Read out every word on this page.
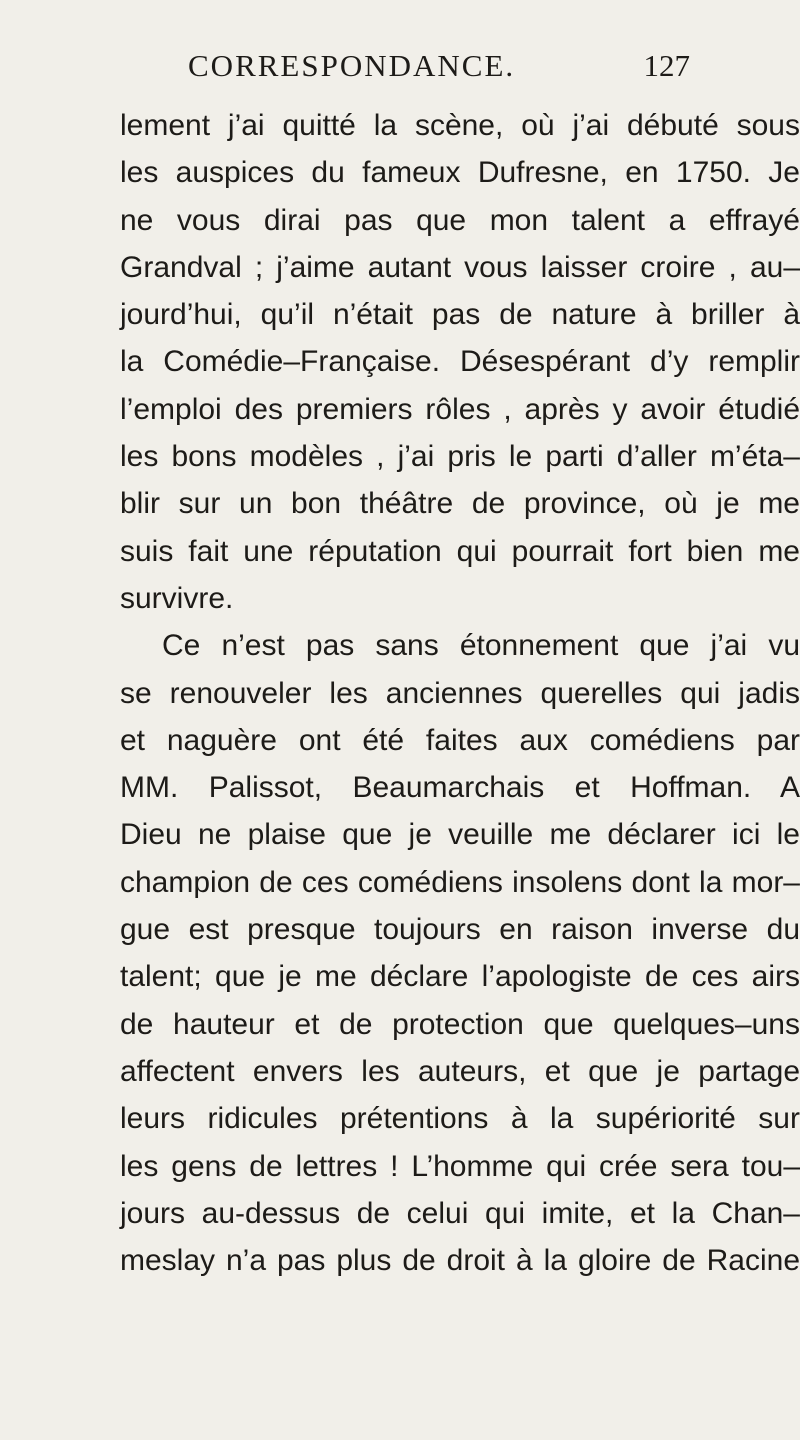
CORRESPONDANCE.	127
lement j’ai quitté la scène, où j’ai débuté sous
les auspices du fameux Dufresne, en 1750. Je
ne vous dirai pas que mon talent a effrayé
Grandval ; j’aime autant vous laisser croire , au–
jourd’hui, qu’il n’était pas de nature à briller à
la Comédie–Française. Désespérant d’y remplir
l’emploi des premiers rôles , après y avoir étudié
les bons modèles , j’ai pris le parti d’aller m’éta–
blir sur un bon théâtre de province, où je me
suis fait une réputation qui pourrait fort bien me
survivre.
Ce n’est pas sans étonnement que j’ai vu
se renouveler les anciennes querelles qui jadis
et naguère ont été faites aux comédiens par
MM. Palissot, Beaumarchais et Hoffman. A
Dieu ne plaise que je veuille me déclarer ici le
champion de ces comédiens insolens dont la mor–
gue est presque toujours en raison inverse du
talent; que je me déclare l’apologiste de ces airs
de hauteur et de protection que quelques–uns
affectent envers les auteurs, et que je partage
leurs ridicules prétentions à la supériorité sur
les gens de lettres ! L’homme qui crée sera tou–
jours au-dessus de celui qui imite, et la Chan–
meslay n’a pas plus de droit à la gloire de Racine
